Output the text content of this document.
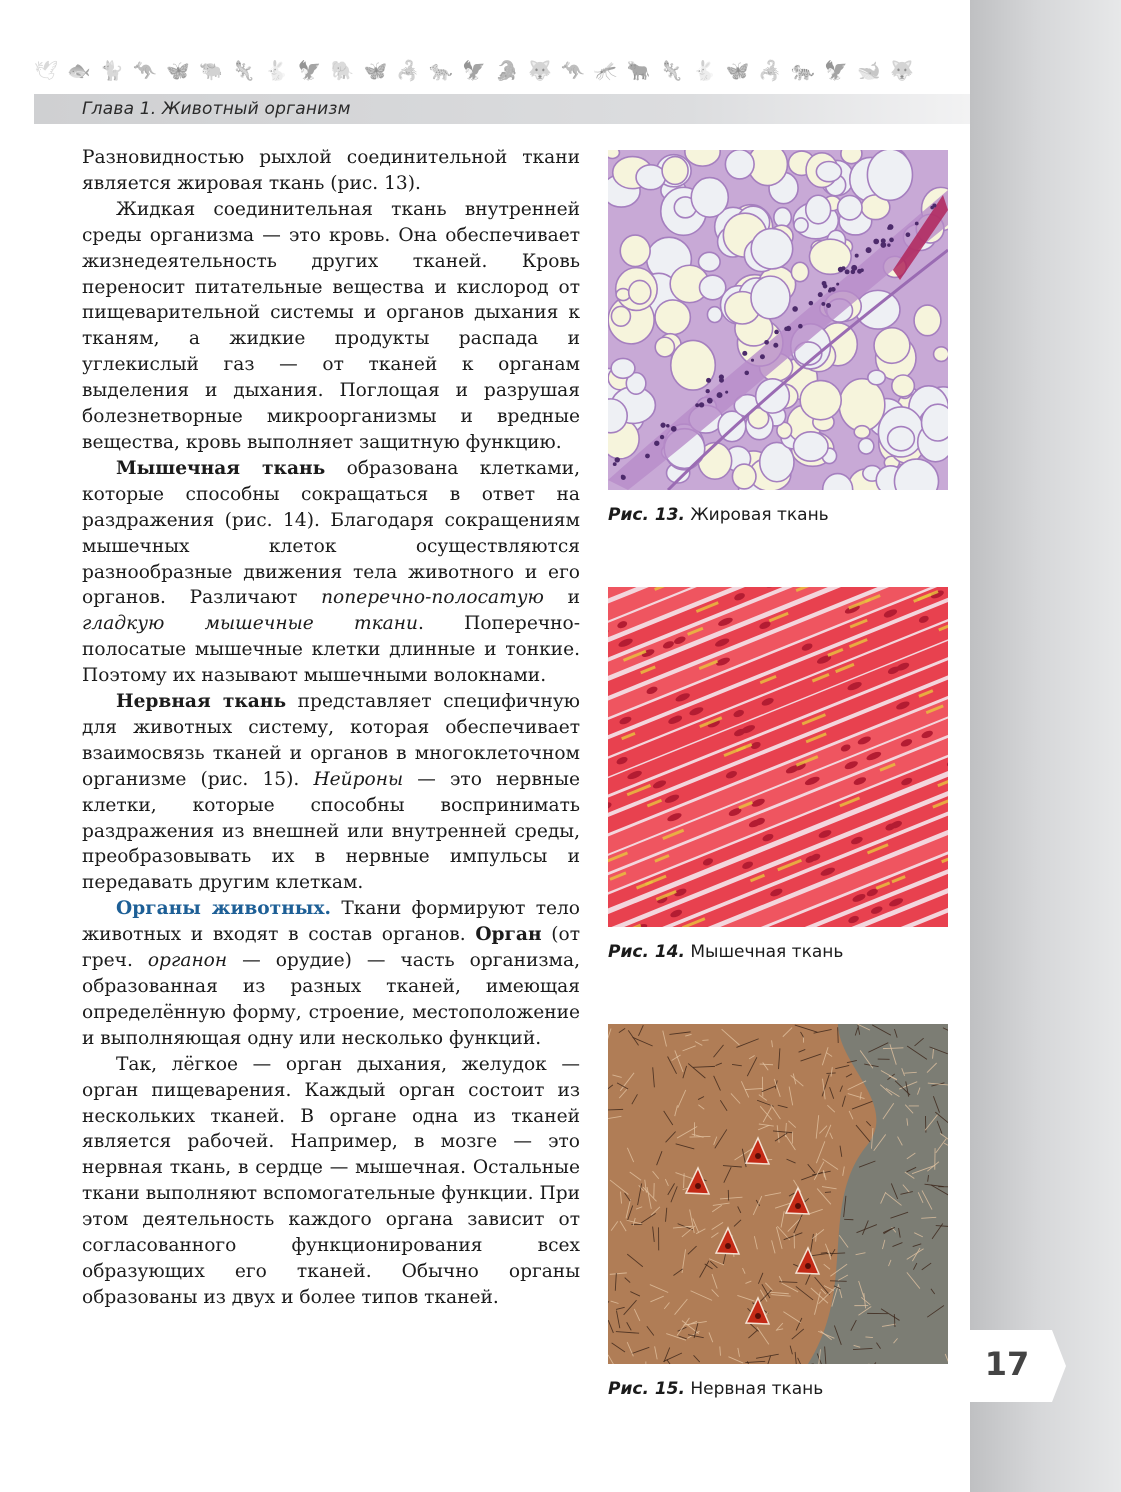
🕊 🐟 🐈 🦘 🦋 🐃 🦎 🐇 🦅 🐘 🦋 🦂 🐆 🦅 🐊 🐺 🦘 🦟 🐂 🦎 🐇 🦋 🦂 🐅 🦅 🐋 🐺
Глава 1. Животный организм

Разновидностью рыхлой соединительной ткани является жировая ткань (рис. 13).

Жидкая соединительная ткань внутренней среды организма — это кровь. Она обеспечивает жизнедеятельность других тканей. Кровь переносит питательные вещества и кислород от пищеварительной системы и органов дыхания к тканям, а жидкие продукты распада и углекислый газ — от тканей к органам выделения и дыхания. Поглощая и разрушая болезнетворные микроорганизмы и вредные вещества, кровь выполняет защитную функцию.

Мышечная ткань образована клетками, которые способны сокращаться в ответ на раздражения (рис. 14). Благодаря сокращениям мышечных клеток осуществляются разнообразные движения тела животного и его органов. Различают поперечно-полосатую и гладкую мышечные ткани. Поперечно-полосатые мышечные клетки длинные и тонкие. Поэтому их называют мышечными волокнами.

Нервная ткань представляет специфичную для животных систему, которая обеспечивает взаимосвязь тканей и органов в многоклеточном организме (рис. 15). Нейроны — это нервные клетки, которые способны воспринимать раздражения из внешней или внутренней среды, преобразовывать их в нервные импульсы и передавать другим клеткам.

Органы животных. Ткани формируют тело животных и входят в состав органов. Орган (от греч. органон — орудие) — часть организма, образованная из разных тканей, имеющая определённую форму, строение, местоположение и выполняющая одну или несколько функций.

Так, лёгкое — орган дыхания, желудок — орган пищеварения. Каждый орган состоит из нескольких тканей. В органе одна из тканей является рабочей. Например, в мозге — это нервная ткань, в сердце — мышечная. Остальные ткани выполняют вспомогательные функции. При этом деятельность каждого органа зависит от согласованного функционирования всех образующих его тканей. Обычно органы образованы из двух и более типов тканей.

Рис. 13. Жировая ткань
Рис. 14. Мышечная ткань
Рис. 15. Нервная ткань
17
